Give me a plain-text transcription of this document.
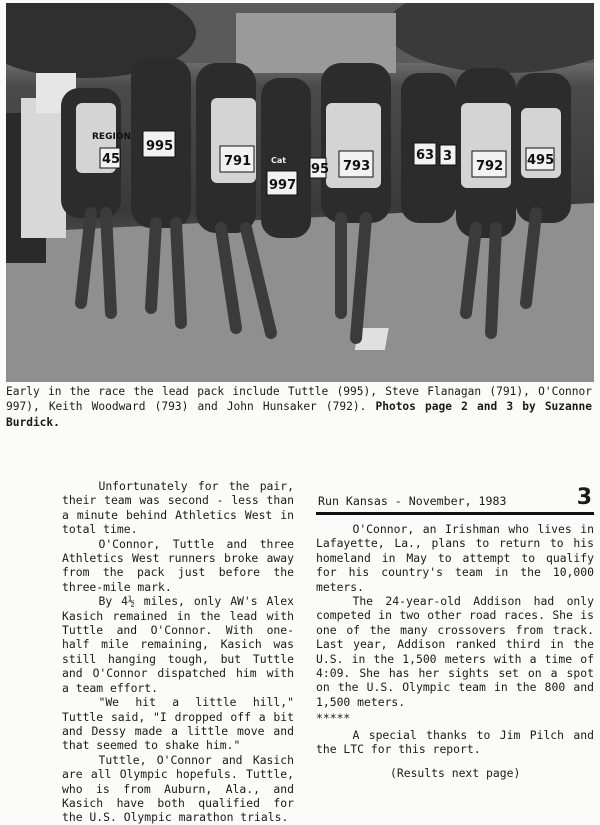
995
791	793	792
997
495
63 3
95
45
REGION
Cat
Early in the race the lead pack include Tuttle (995), Steve Flanagan (791), O'Connor 997), Keith Woodward (793) and John Hunsaker (792). Photos page 2 and 3 by Suzanne Burdick.

Unfortunately for the pair, their team was second - less than a minute behind Athletics West in total time.

O'Connor, Tuttle and three Athletics West runners broke away from the pack just before the three-mile mark.

By 4½ miles, only AW's Alex Kasich remained in the lead with Tuttle and O'Connor. With one-half mile remaining, Kasich was still hanging tough, but Tuttle and O'Connor dispatched him with a team effort.

"We hit a little hill," Tuttle said, "I dropped off a bit and Dessy made a little move and that seemed to shake him."

Tuttle, O'Connor and Kasich are all Olympic hopefuls. Tuttle, who is from Auburn, Ala., and Kasich have both qualified for the U.S. Olympic marathon trials.

Run Kansas - November, 1983	3

O'Connor, an Irishman who lives in Lafayette, La., plans to return to his homeland in May to attempt to qualify for his country's team in the 10,000 meters.

The 24-year-old Addison had only competed in two other road races. She is one of the many crossovers from track. Last year, Addison ranked third in the U.S. in the 1,500 meters with a time of 4:09. She has her sights set on a spot on the U.S. Olympic team in the 800 and 1,500 meters.

*****

A special thanks to Jim Pilch and the LTC for this report.

(Results next page)
